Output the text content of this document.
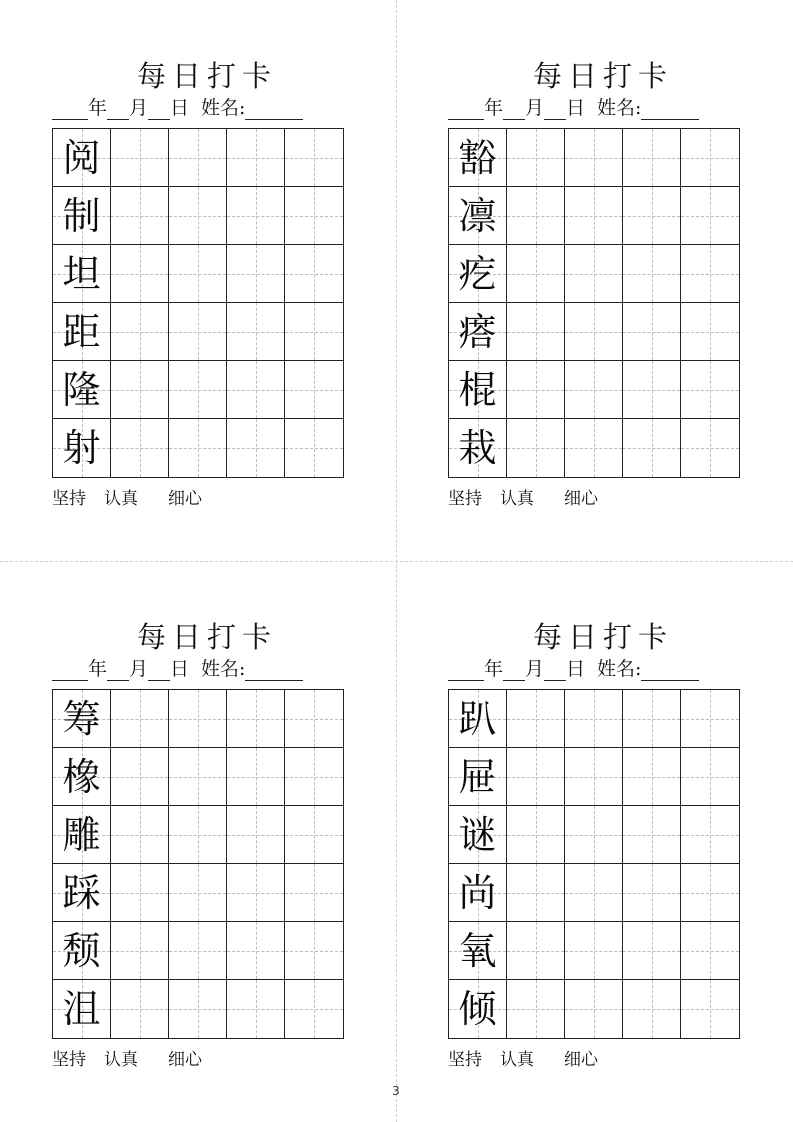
每日打卡
年 月 日 姓名:
阅
制
坦
距
隆
射
坚持 认真 细心
每日打卡
年 月 日 姓名:
豁
凛
疙
瘩
棍
栽
坚持 认真 细心
每日打卡
年 月 日 姓名:
筹
橡
雕
踩
颓
沮
坚持 认真 细心
每日打卡
年 月 日 姓名:
趴
屉
谜
尚
氧
倾
坚持 认真 细心
3
